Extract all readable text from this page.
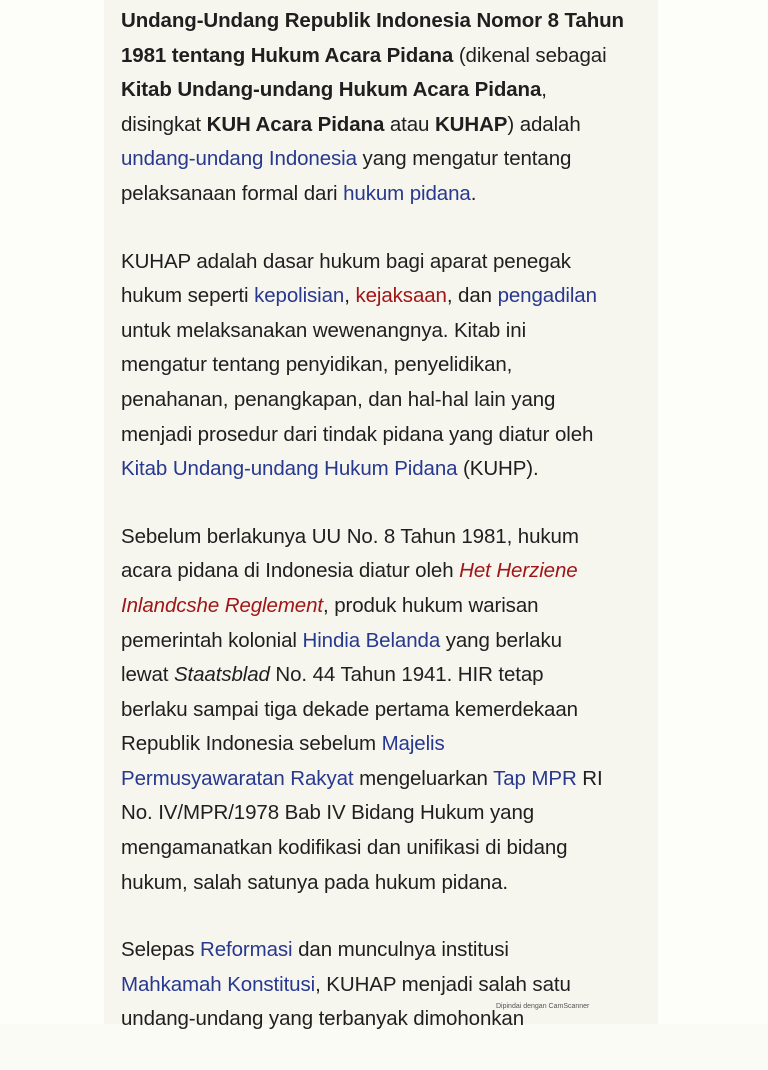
Undang-Undang Republik Indonesia Nomor 8 Tahun
1981 tentang Hukum Acara Pidana (dikenal sebagai
Kitab Undang-undang Hukum Acara Pidana,
disingkat KUH Acara Pidana atau KUHAP) adalah
undang-undang Indonesia yang mengatur tentang
pelaksanaan formal dari hukum pidana.

KUHAP adalah dasar hukum bagi aparat penegak
hukum seperti kepolisian, kejaksaan, dan pengadilan
untuk melaksanakan wewenangnya. Kitab ini
mengatur tentang penyidikan, penyelidikan,
penahanan, penangkapan, dan hal-hal lain yang
menjadi prosedur dari tindak pidana yang diatur oleh
Kitab Undang-undang Hukum Pidana (KUHP).

Sebelum berlakunya UU No. 8 Tahun 1981, hukum
acara pidana di Indonesia diatur oleh Het Herziene
Inlandcshe Reglement, produk hukum warisan
pemerintah kolonial Hindia Belanda yang berlaku
lewat Staatsblad No. 44 Tahun 1941. HIR tetap
berlaku sampai tiga dekade pertama kemerdekaan
Republik Indonesia sebelum Majelis
Permusyawaratan Rakyat mengeluarkan Tap MPR RI
No. IV/MPR/1978 Bab IV Bidang Hukum yang
mengamanatkan kodifikasi dan unifikasi di bidang
hukum, salah satunya pada hukum pidana.

Selepas Reformasi dan munculnya institusi
Mahkamah Konstitusi, KUHAP menjadi salah satu
undang-undang yang terbanyak dimohonkan

Dipindai dengan CamScanner
